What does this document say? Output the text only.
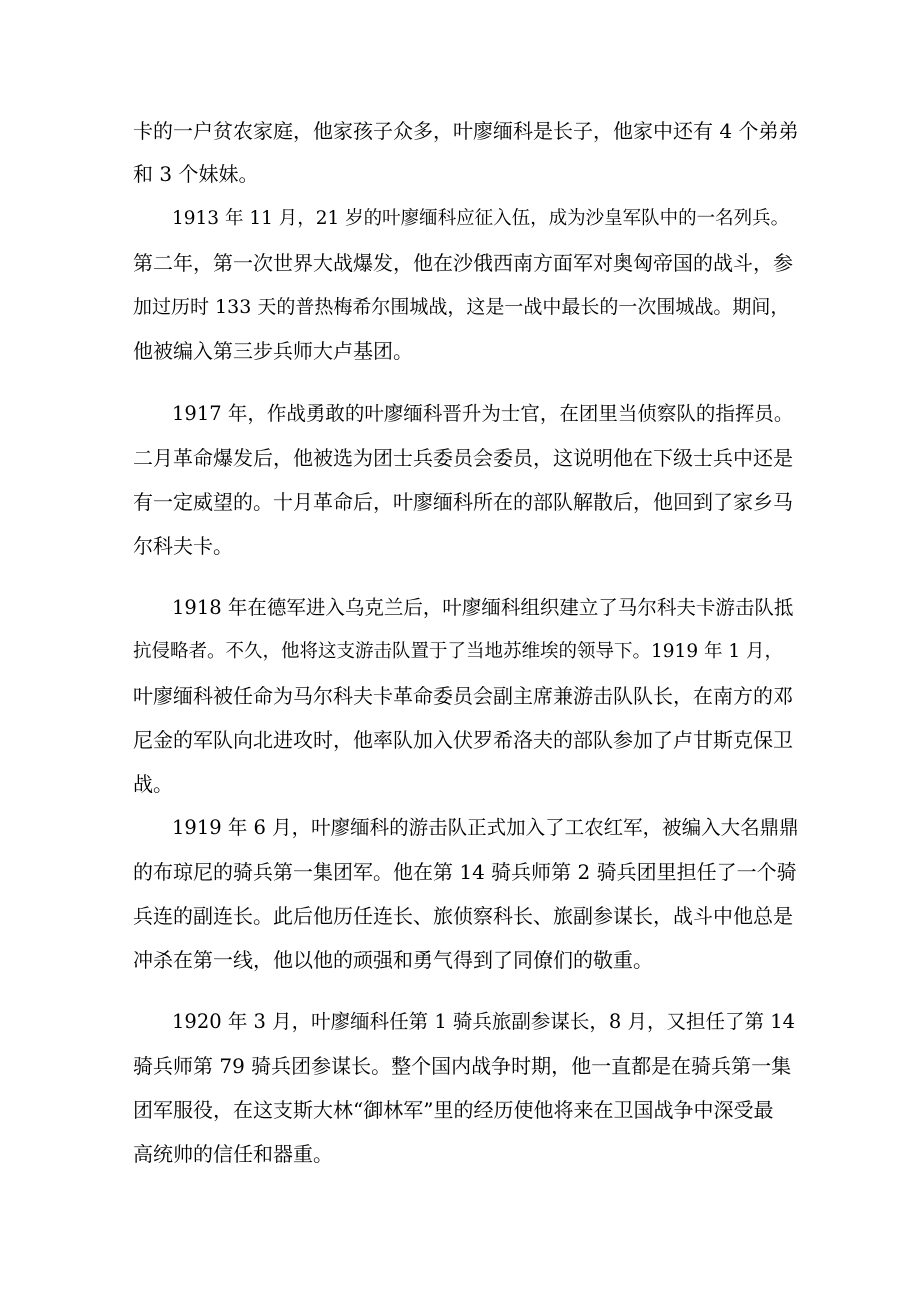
卡的一户贫农家庭，他家孩子众多，叶廖缅科是长子，他家中还有 4 个弟弟
和 3 个妹妹。
1913 年 11 月，21 岁的叶廖缅科应征入伍，成为沙皇军队中的一名列兵。
第二年，第一次世界大战爆发，他在沙俄西南方面军对奥匈帝国的战斗，参
加过历时 133 天的普热梅希尔围城战，这是一战中最长的一次围城战。期间，
他被编入第三步兵师大卢基团。
1917 年，作战勇敢的叶廖缅科晋升为士官，在团里当侦察队的指挥员。
二月革命爆发后，他被选为团士兵委员会委员，这说明他在下级士兵中还是
有一定威望的。十月革命后，叶廖缅科所在的部队解散后，他回到了家乡马
尔科夫卡。
1918 年在德军进入乌克兰后，叶廖缅科组织建立了马尔科夫卡游击队抵
抗侵略者。不久，他将这支游击队置于了当地苏维埃的领导下。1919 年 1 月，
叶廖缅科被任命为马尔科夫卡革命委员会副主席兼游击队队长，在南方的邓
尼金的军队向北进攻时，他率队加入伏罗希洛夫的部队参加了卢甘斯克保卫
战。
1919 年 6 月，叶廖缅科的游击队正式加入了工农红军，被编入大名鼎鼎
的布琼尼的骑兵第一集团军。他在第 14 骑兵师第 2 骑兵团里担任了一个骑
兵连的副连长。此后他历任连长、旅侦察科长、旅副参谋长，战斗中他总是
冲杀在第一线，他以他的顽强和勇气得到了同僚们的敬重。
1920 年 3 月，叶廖缅科任第 1 骑兵旅副参谋长，8 月，又担任了第 14
骑兵师第 79 骑兵团参谋长。整个国内战争时期，他一直都是在骑兵第一集
团军服役，在这支斯大林“御林军”里的经历使他将来在卫国战争中深受最
高统帅的信任和器重。
